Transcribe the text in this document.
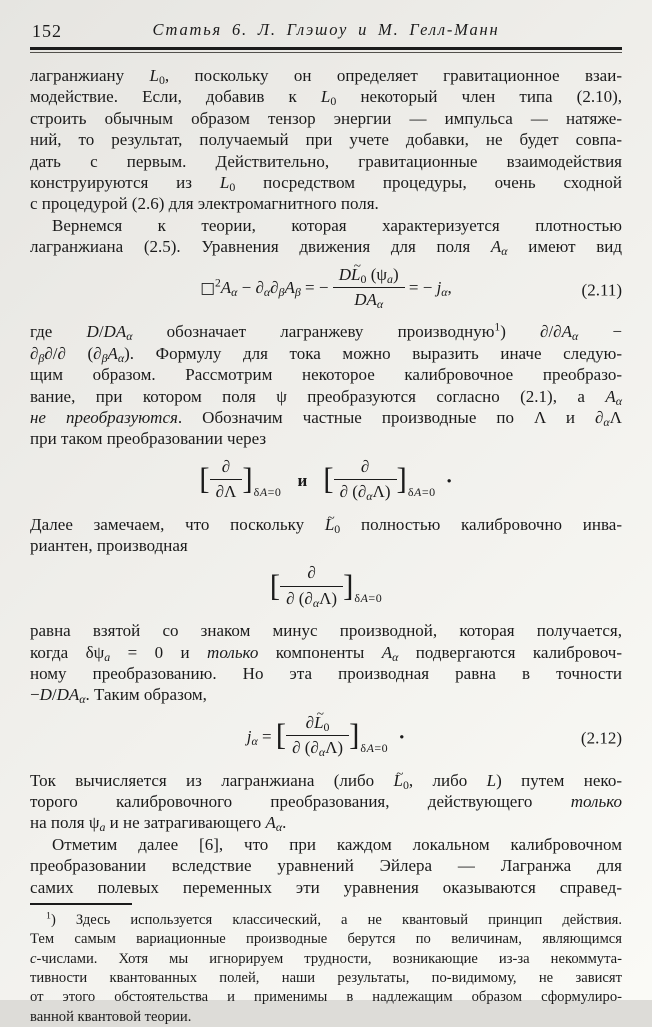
152	Статья 6. Л. Глэшоу и М. Гелл-Манн
лагранжиану $L_0$, поскольку он определяет гравитационное взаи-
модействие. Если, добавив к $L_0$ некоторый член типа (2.10),
строить обычным образом тензор энергии — импульса — натяже-
ний, то результат, получаемый при учете добавки, не будет совпа-
дать с первым. Действительно, гравитационные взаимодействия
конструируются из $L_0$ посредством процедуры, очень сходной
с процедурой (2.6) для электромагнитного поля.
Вернемся к теории, которая характеризуется плотностью
лагранжиана (2.5). Уравнения движения для поля $A_\alpha$ имеют вид
$□^2A_\alpha - \partial_\alpha\partial_\beta A_\beta$ = −
DL $\sim_0$ $(\psi_a)$
$DA_\alpha$
= − $j_\alpha$,	(2.11)
где $D/DA_\alpha$ обозначает лагранжеву производную$^1$) $\partial/\partial A_\alpha$ −
$\partial_\beta\partial/\partial$ $(\partial_\beta A_\alpha)$. Формулу для тока можно выразить иначе следую-
щим образом. Рассмотрим некоторое калибровочное преобразо-
вание, при котором поля ψ преобразуются согласно (2.1), а $A_\alpha$
не преобразуются. Обозначим частные производные по Λ и $\partial_\alpha\Lambda$
при таком преобразовании через
[ ∂
∂Λ ]$_{\delta A=0}и$ [	∂
∂ $(\partial_\alpha\Lambda) ]_{\delta A=0}$ ·
Далее замечаем, что поскольку L $\sim_0$ полностью калибровочно инва-
риантен, производная
[	∂
∂ $(\partial_\alpha\Lambda)$ ]$_{\delta A=0}$
равна взятой со знаком минус производной, которая получается,
когда $\delta\psi_a = 0$ и только компоненты $A_\alpha$ подвергаются калибровоч-
ному преобразованию. Но эта производная равна в точности
$-D/DA_\alpha$. Таким образом,
$j_\alpha$ = [ $\frac{\partial L \sim_0}{\partial (\partial_\alpha\Lambda)} ]_{\delta A=0}$ ·	(2.12)
Ток вычисляется из лагранжиана (либо L $\sim_0$, либо L) путем неко-
торого калибровочного преобразования, действующего только
на поля $\psi_a$ и не затрагивающего $A_\alpha$.
Отметим далее [6], что при каждом локальном калибровочном
преобразовании вследствие уравнений Эйлера — Лагранжа для
самих полевых переменных эти уравнения оказываются справед-
$^1$) Здесь используется классический, а не квантовый принцип действия.
Тем самым вариационные производные берутся по величинам, являющимся
c-числами. Хотя мы игнорируем трудности, возникающие из-за некоммута-
тивности квантованных полей, наши результаты, по-видимому, не зависят
от этого обстоятельства и применимы в надлежащим образом сформулиро-
ванной квантовой теории.
